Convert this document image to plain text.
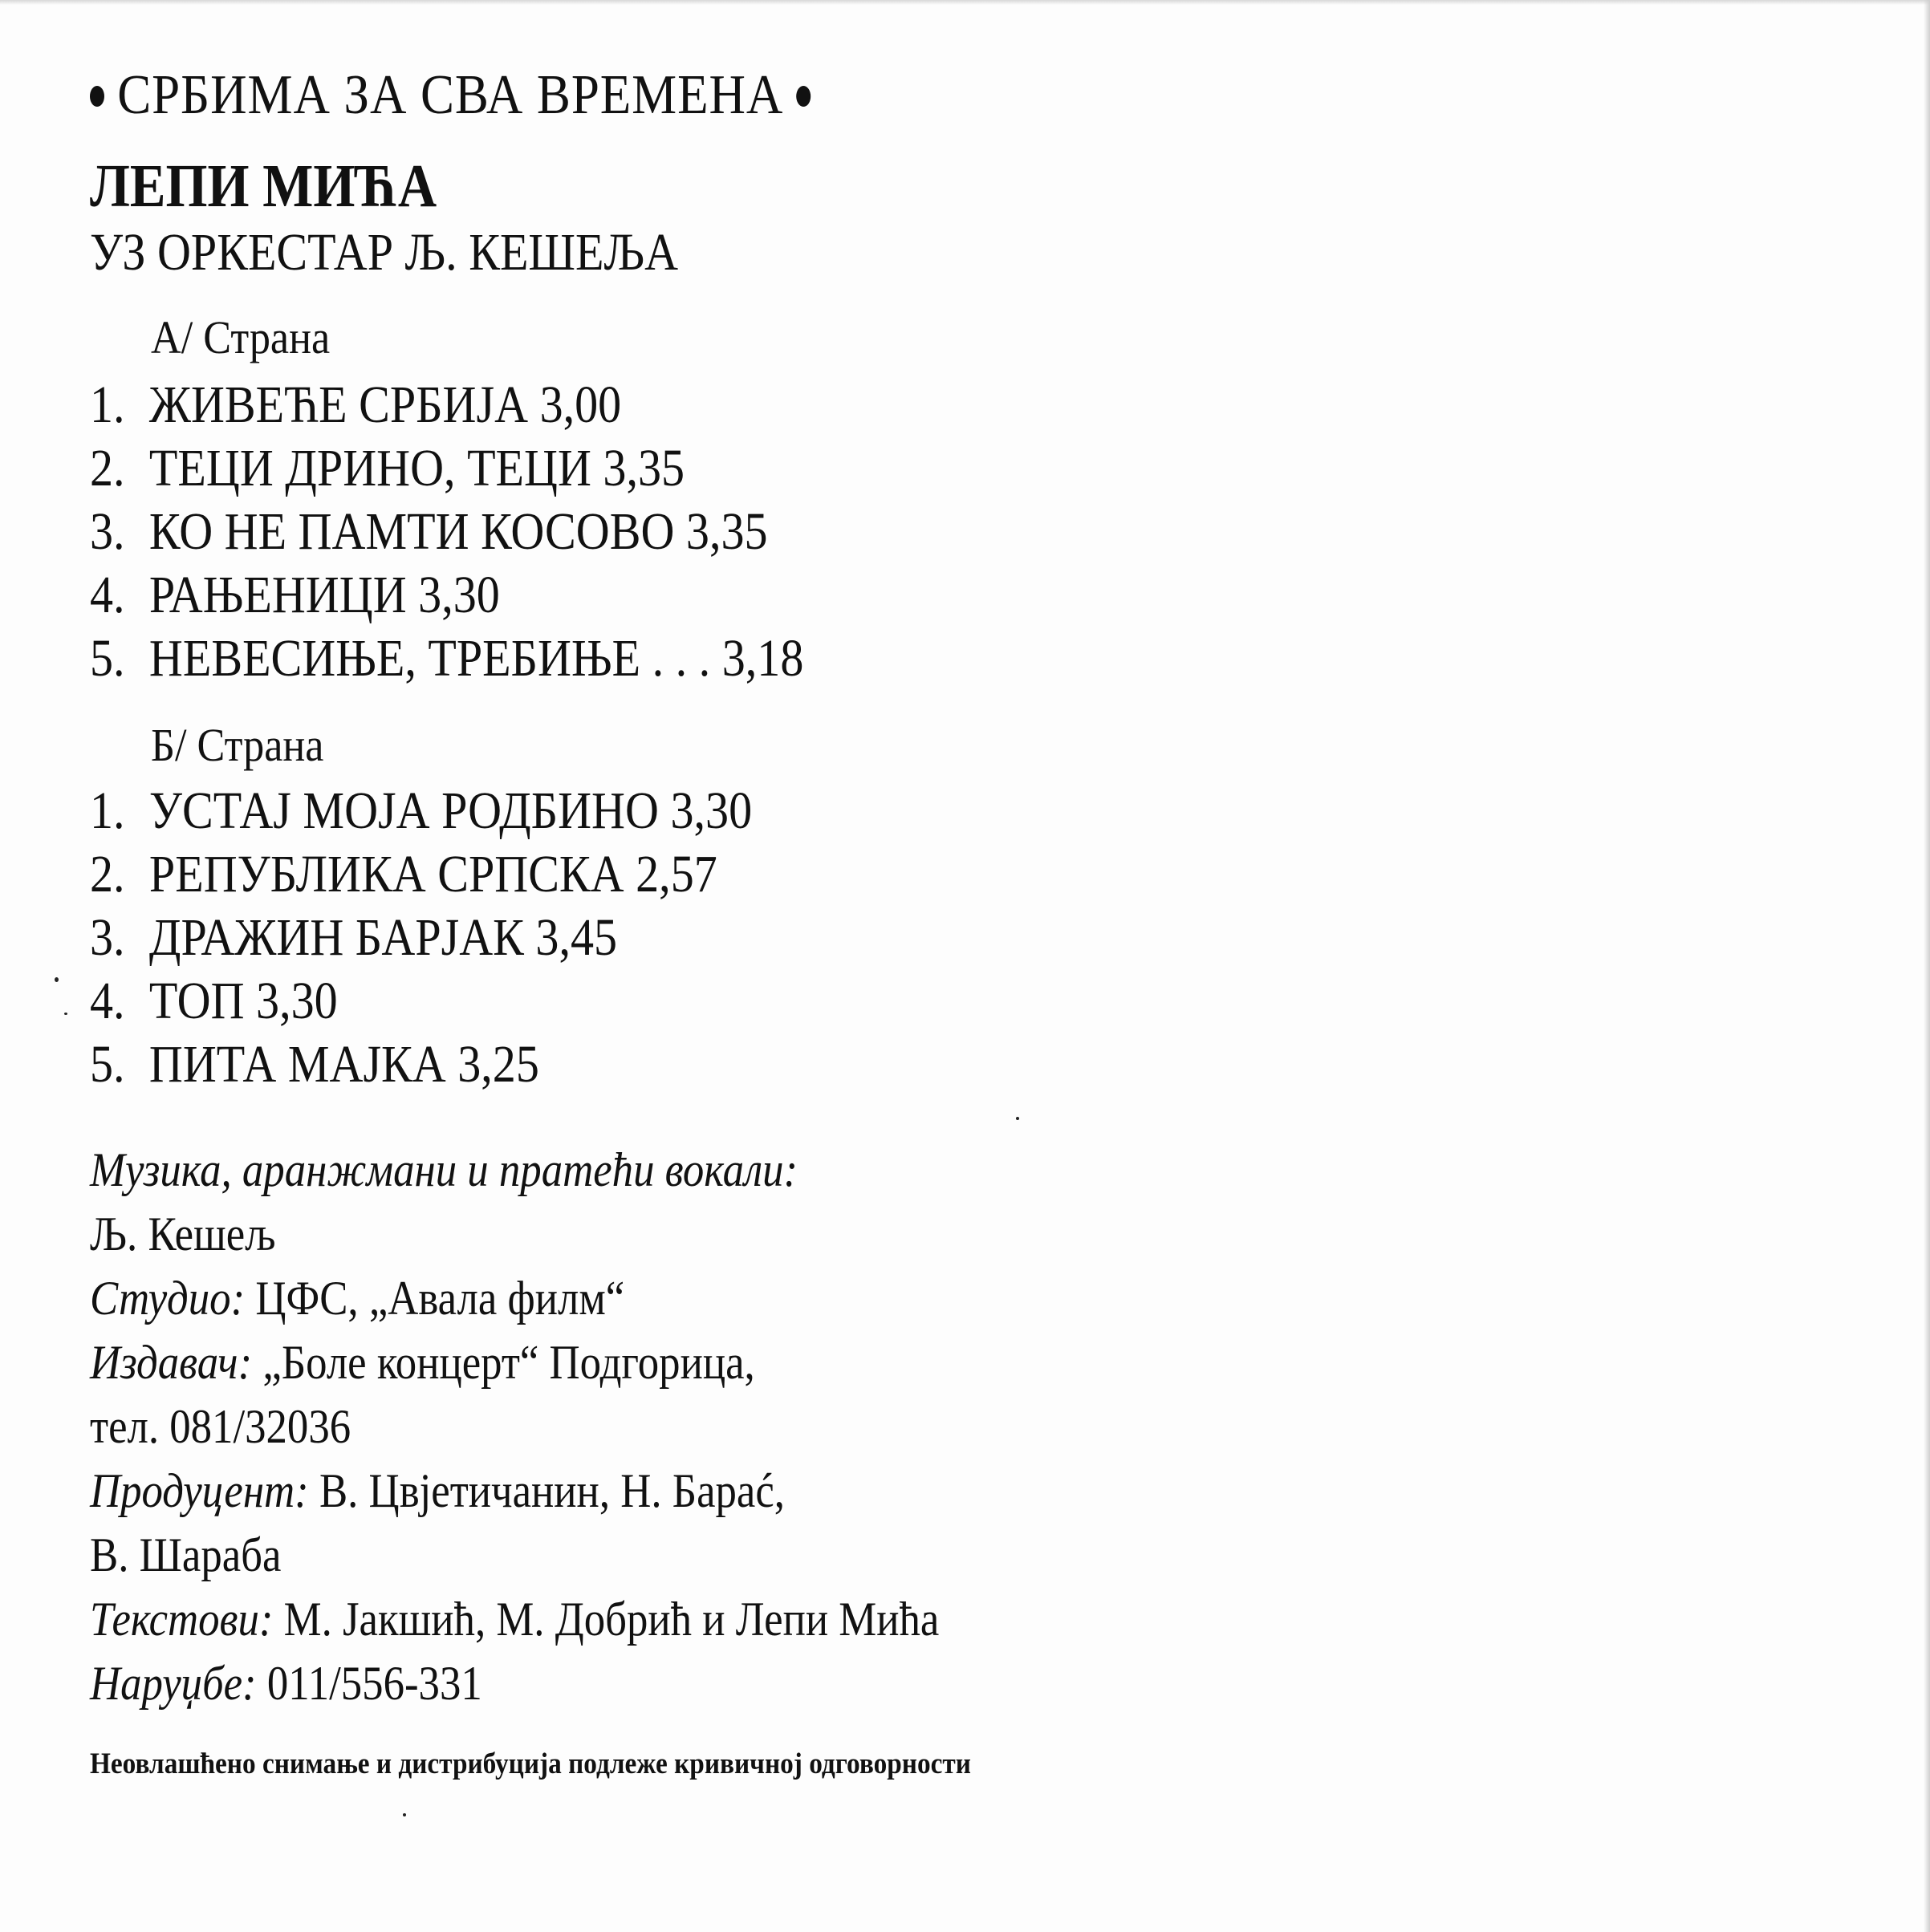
СРБИМА ЗА СВА ВРЕМЕНА
ЛЕПИ МИЋА
УЗ ОРКЕСТАР Љ. КЕШЕЉА
А/ Страна
1. ЖИВЕЋЕ СРБИЈА 3,00
2. ТЕЦИ ДРИНО, ТЕЦИ 3,35
3. КО НЕ ПАМТИ КОСОВО 3,35
4. РАЊЕНИЦИ 3,30
5. НЕВЕСИЊЕ, ТРЕБИЊЕ . . . 3,18
Б/ Страна
1. УСТАЈ МОЈА РОДБИНО 3,30
2. РЕПУБЛИКА СРПСКА 2,57
3. ДРАЖИН БАРЈАК 3,45
4. ТОП 3,30
5. ПИТА МАЈКА 3,25
Музика, аранжмани и пратећи вокали:
Љ. Кешељ
Студио: ЦФС, „Авала филм“
Издавач: „Боле концерт“ Подгорица,
тел. 081/32036
Продуцент: В. Цвјетичанин, Н. Барać,
В. Шараба
Текстови: М. Јакшић, М. Добрић и Лепи Мића
Наруџбе: 011/556-331
Неовлашћено снимање и дистрибуција подлеже кривичној одговорности
